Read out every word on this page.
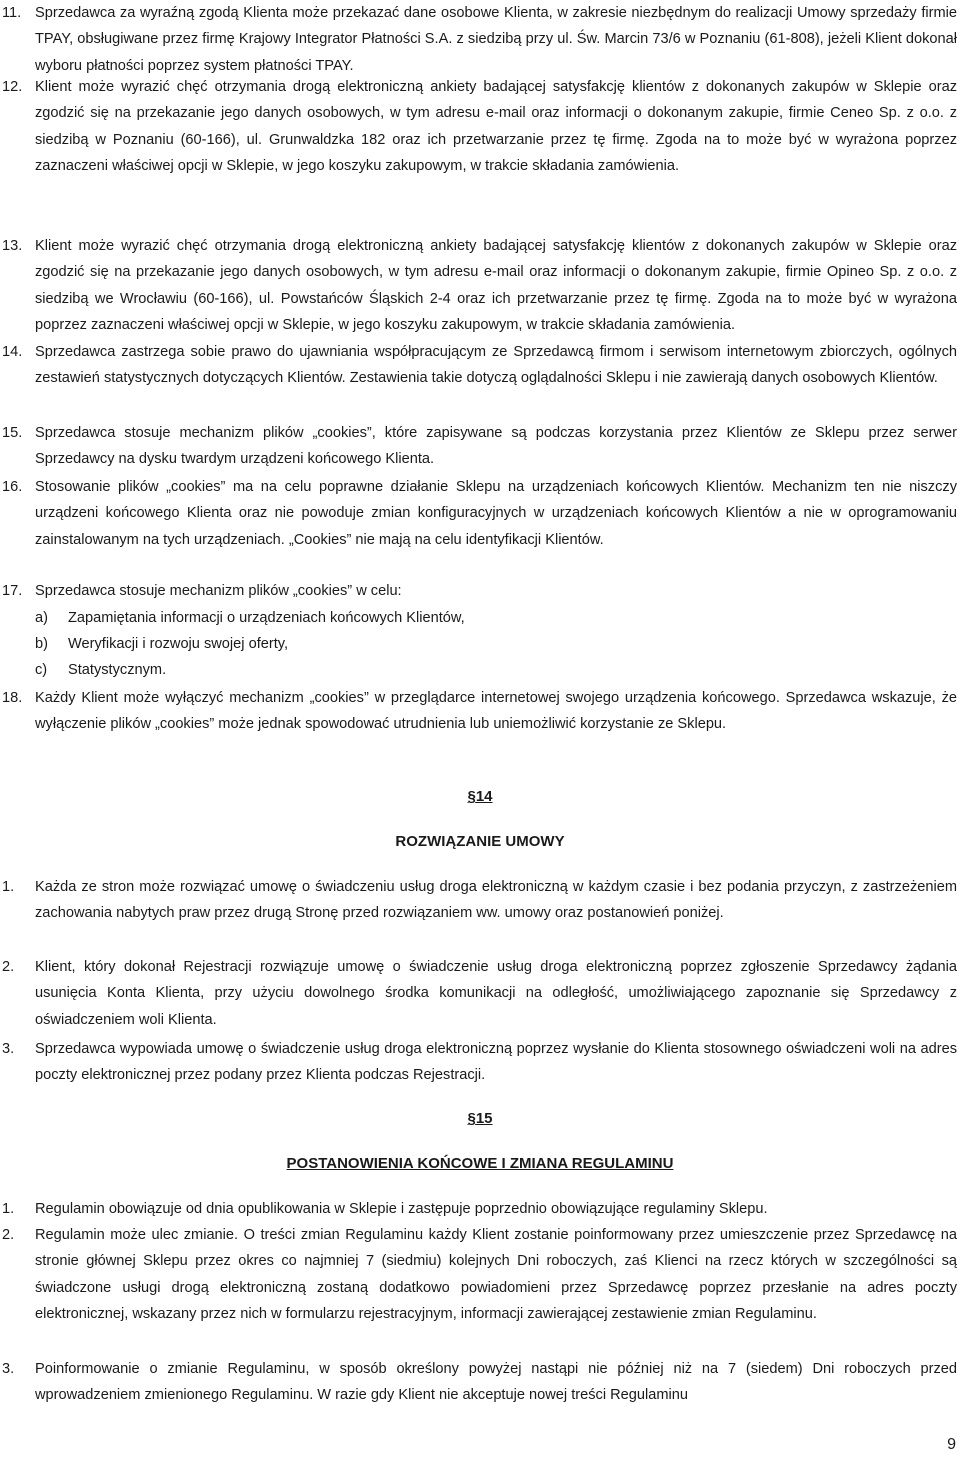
11. Sprzedawca za wyraźną zgodą Klienta może przekazać dane osobowe Klienta, w zakresie niezbędnym do realizacji Umowy sprzedaży firmie TPAY, obsługiwane przez firmę Krajowy Integrator Płatności S.A. z siedzibą przy ul. Św. Marcin 73/6 w Poznaniu (61-808), jeżeli Klient dokonał wyboru płatności poprzez system płatności TPAY.
12. Klient może wyrazić chęć otrzymania drogą elektroniczną ankiety badającej satysfakcję klientów z dokonanych zakupów w Sklepie oraz zgodzić się na przekazanie jego danych osobowych, w tym adresu e-mail oraz informacji o dokonanym zakupie, firmie Ceneo Sp. z o.o. z siedzibą w Poznaniu (60-166), ul. Grunwaldzka 182 oraz ich przetwarzanie przez tę firmę. Zgoda na to może być w wyrażona poprzez zaznaczeni właściwej opcji w Sklepie, w jego koszyku zakupowym, w trakcie składania zamówienia.
13. Klient może wyrazić chęć otrzymania drogą elektroniczną ankiety badającej satysfakcję klientów z dokonanych zakupów w Sklepie oraz zgodzić się na przekazanie jego danych osobowych, w tym adresu e-mail oraz informacji o dokonanym zakupie, firmie Opineo Sp. z o.o. z siedzibą we Wrocławiu (60-166), ul. Powstańców Śląskich 2-4 oraz ich przetwarzanie przez tę firmę. Zgoda na to może być w wyrażona poprzez zaznaczeni właściwej opcji w Sklepie, w jego koszyku zakupowym, w trakcie składania zamówienia.
14. Sprzedawca zastrzega sobie prawo do ujawniania współpracującym ze Sprzedawcą firmom i serwisom internetowym zbiorczych, ogólnych zestawień statystycznych dotyczących Klientów. Zestawienia takie dotyczą oglądalności Sklepu i nie zawierają danych osobowych Klientów.
15. Sprzedawca stosuje mechanizm plików „cookies”, które zapisywane są podczas korzystania przez Klientów ze Sklepu przez serwer Sprzedawcy na dysku twardym urządzeni końcowego Klienta.
16. Stosowanie plików „cookies” ma na celu poprawne działanie Sklepu na urządzeniach końcowych Klientów. Mechanizm ten nie niszczy urządzeni końcowego Klienta oraz nie powoduje zmian konfiguracyjnych w urządzeniach końcowych Klientów a nie w oprogramowaniu zainstalowanym na tych urządzeniach. „Cookies” nie mają na celu identyfikacji Klientów.
17. Sprzedawca stosuje mechanizm plików „cookies” w celu:
a) Zapamiętania informacji o urządzeniach końcowych Klientów,
b) Weryfikacji i rozwoju swojej oferty,
c) Statystycznym.
18. Każdy Klient może wyłączyć mechanizm „cookies” w przeglądarce internetowej swojego urządzenia końcowego. Sprzedawca wskazuje, że wyłączenie plików „cookies” może jednak spowodować utrudnienia lub uniemożliwić korzystanie ze Sklepu.
§14
ROZWIĄZANIE UMOWY
1.	Każda ze stron może rozwiązać umowę o świadczeniu usług droga elektroniczną w każdym czasie i bez podania przyczyn, z zastrzeżeniem zachowania nabytych praw przez drugą Stronę przed rozwiązaniem ww. umowy oraz postanowień poniżej.
2.	Klient, który dokonał Rejestracji rozwiązuje umowę o świadczenie usług droga elektroniczną poprzez zgłoszenie Sprzedawcy żądania usunięcia Konta Klienta, przy użyciu dowolnego środka komunikacji na odległość, umożliwiającego zapoznanie się Sprzedawcy z oświadczeniem woli Klienta.
3.	Sprzedawca wypowiada umowę o świadczenie usług droga elektroniczną poprzez wysłanie do Klienta stosownego oświadczeni woli na adres poczty elektronicznej przez podany przez Klienta podczas Rejestracji.
§15
POSTANOWIENIA KOŃCOWE I ZMIANA REGULAMINU
1.	Regulamin obowiązuje od dnia opublikowania w Sklepie i zastępuje poprzednio obowiązujące regulaminy Sklepu.
2.	Regulamin może ulec zmianie. O treści zmian Regulaminu każdy Klient zostanie poinformowany przez umieszczenie przez Sprzedawcę na stronie głównej Sklepu przez okres co najmniej 7 (siedmiu) kolejnych Dni roboczych, zaś Klienci na rzecz których w szczególności są świadczone usługi drogą elektroniczną zostaną dodatkowo powiadomieni przez Sprzedawcę poprzez przesłanie na adres poczty elektronicznej, wskazany przez nich w formularzu rejestracyjnym, informacji zawierającej zestawienie zmian Regulaminu.
3.	Poinformowanie o zmianie Regulaminu, w sposób określony powyżej nastąpi nie później niż na 7 (siedem) Dni roboczych przed wprowadzeniem zmienionego Regulaminu. W razie gdy Klient nie akceptuje nowej treści Regulaminu
9
